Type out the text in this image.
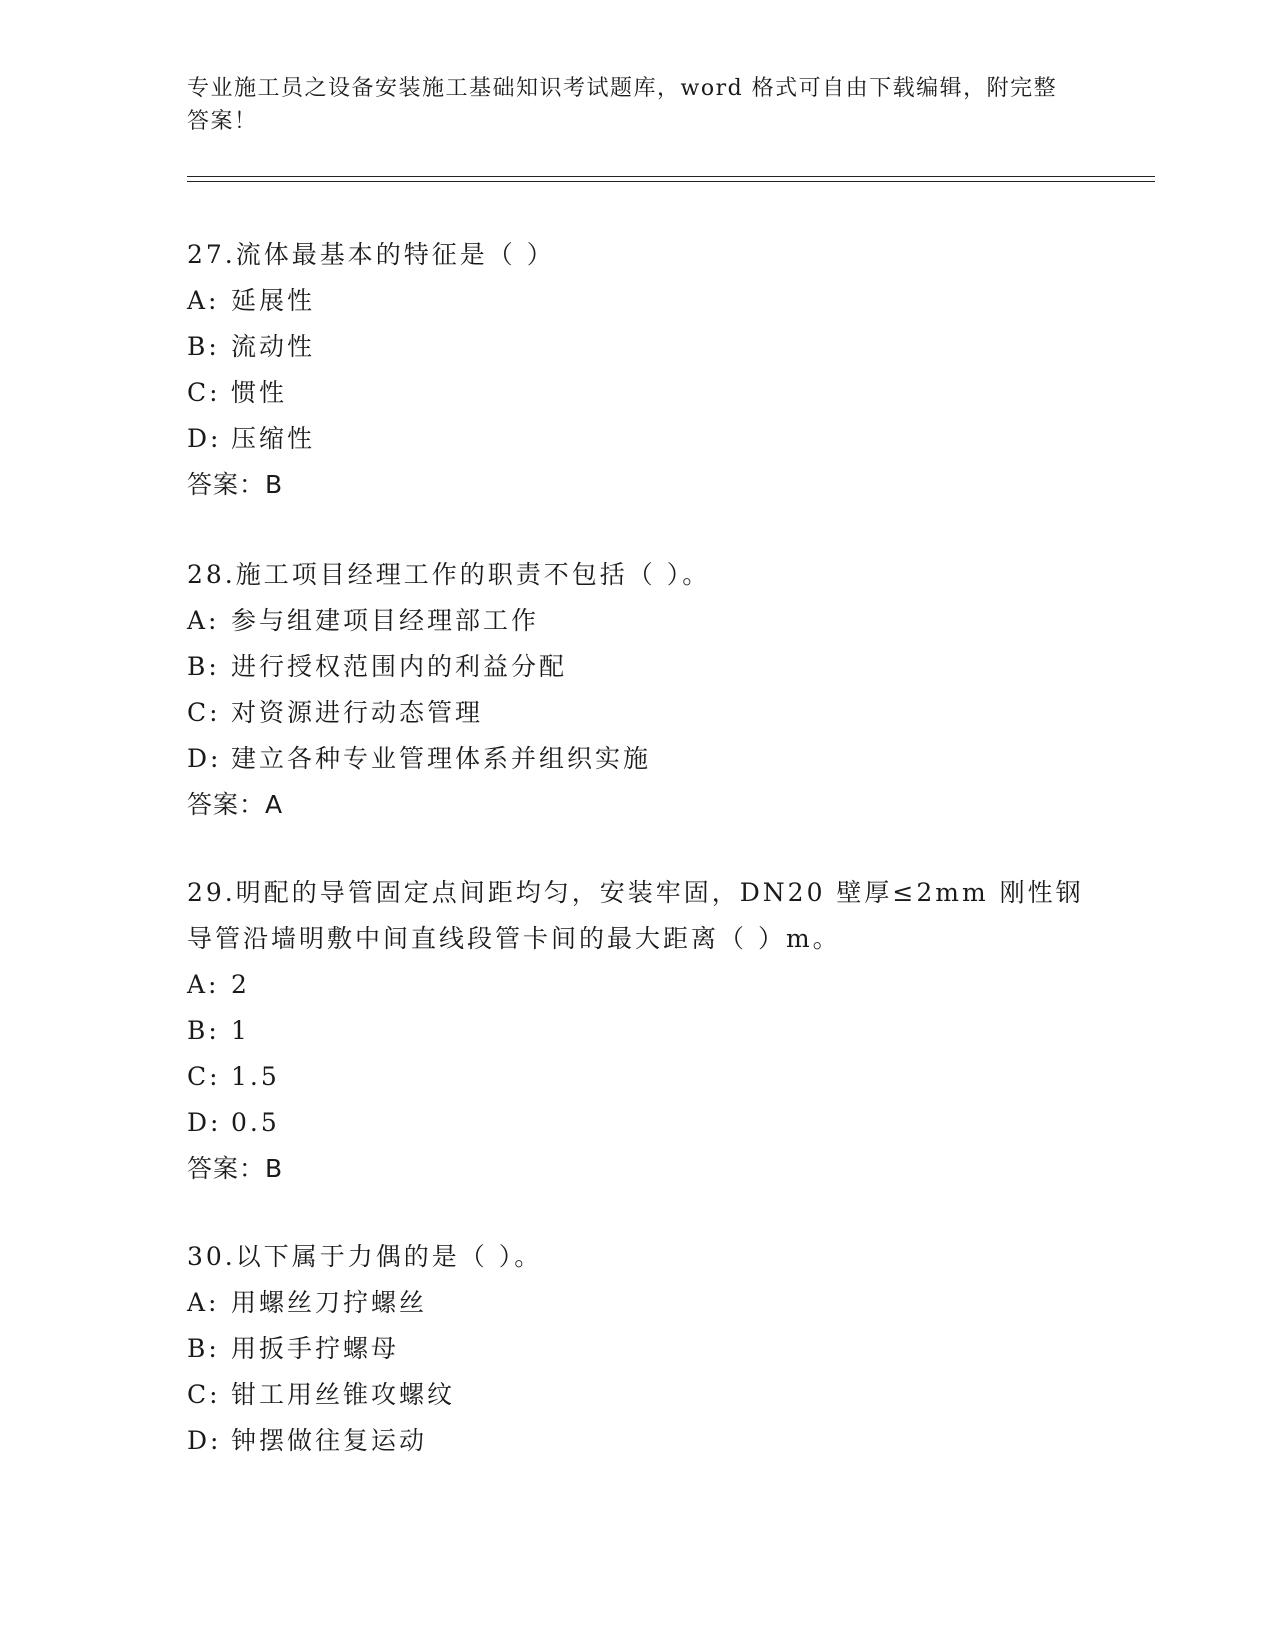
专业施工员之设备安装施工基础知识考试题库，word 格式可自由下载编辑，附完整答案！
27.流体最基本的特征是（ ）
A: 延展性
B: 流动性
C: 惯性
D: 压缩性
答案：B
28.施工项目经理工作的职责不包括（ ）。
A: 参与组建项目经理部工作
B: 进行授权范围内的利益分配
C: 对资源进行动态管理
D: 建立各种专业管理体系并组织实施
答案：A
29.明配的导管固定点间距均匀，安装牢固，DN20 壁厚≤2mm 刚性钢导管沿墙明敷中间直线段管卡间的最大距离（ ）m。
A: 2
B: 1
C: 1.5
D: 0.5
答案：B
30.以下属于力偶的是（ ）。
A: 用螺丝刀拧螺丝
B: 用扳手拧螺母
C: 钳工用丝锥攻螺纹
D: 钟摆做往复运动
